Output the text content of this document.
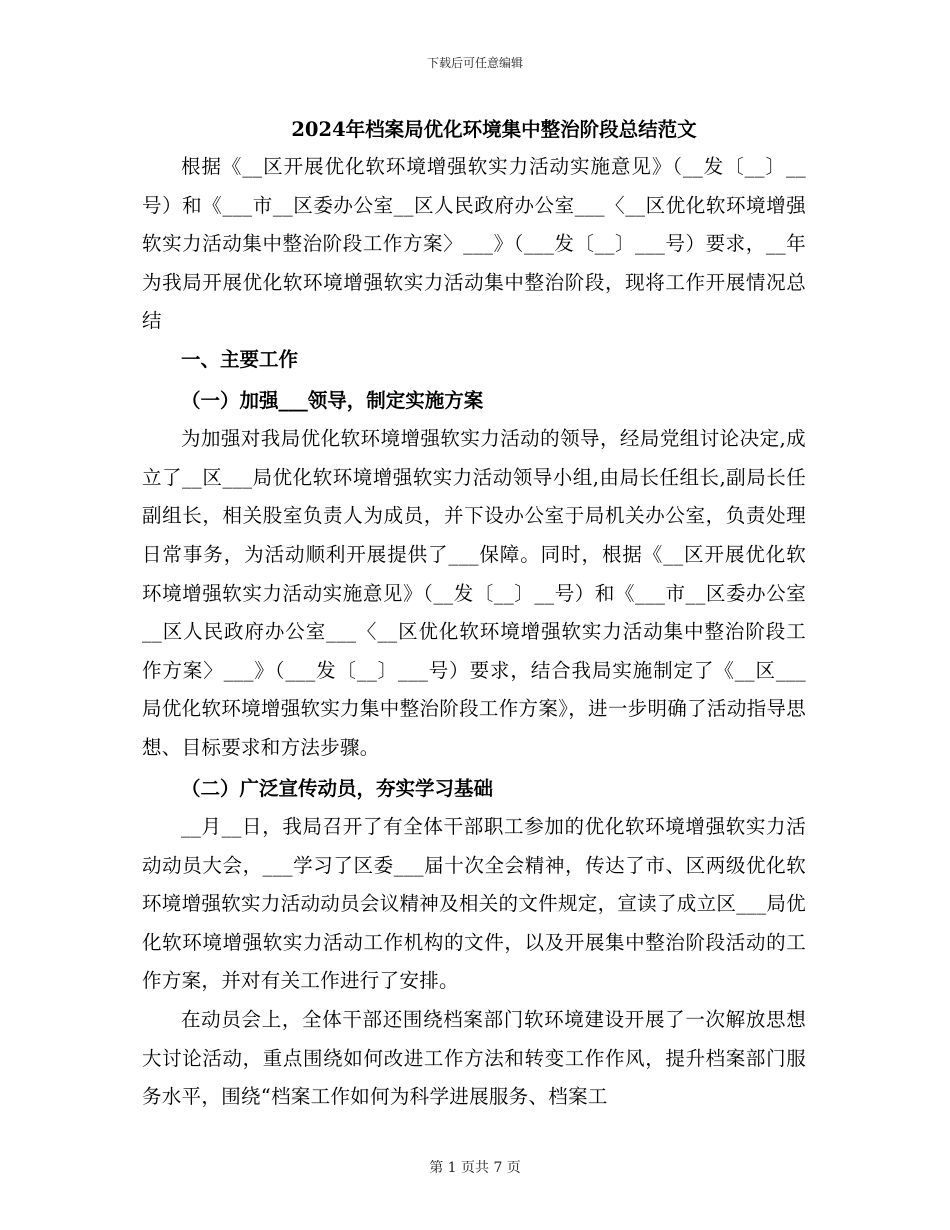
下载后可任意编辑
2024年档案局优化环境集中整治阶段总结范文

根据《__区开展优化软环境增强软实力活动实施意见》（__发〔__〕__号）和《___市__区委办公室__区人民政府办公室___〈__区优化软环境增强软实力活动集中整治阶段工作方案〉___》（___发〔__〕___号）要求，__年为我局开展优化软环境增强软实力活动集中整治阶段，现将工作开展情况总结

一、主要工作

（一）加强___领导，制定实施方案

为加强对我局优化软环境增强软实力活动的领导，经局党组讨论决定,成立了__区___局优化软环境增强软实力活动领导小组,由局长任组长,副局长任副组长，相关股室负责人为成员，并下设办公室于局机关办公室，负责处理日常事务，为活动顺利开展提供了___保障。同时，根据《__区开展优化软环境增强软实力活动实施意见》（__发〔__〕__号）和《___市__区委办公室__区人民政府办公室___〈__区优化软环境增强软实力活动集中整治阶段工作方案〉___》（___发〔__〕___号）要求，结合我局实施制定了《__区___局优化软环境增强软实力集中整治阶段工作方案》，进一步明确了活动指导思想、目标要求和方法步骤。

（二）广泛宣传动员，夯实学习基础

__月__日，我局召开了有全体干部职工参加的优化软环境增强软实力活动动员大会，___学习了区委___届十次全会精神，传达了市、区两级优化软环境增强软实力活动动员会议精神及相关的文件规定，宣读了成立区___局优化软环境增强软实力活动工作机构的文件，以及开展集中整治阶段活动的工作方案，并对有关工作进行了安排。

在动员会上，全体干部还围绕档案部门软环境建设开展了一次解放思想大讨论活动，重点围绕如何改进工作方法和转变工作作风，提升档案部门服务水平，围绕“档案工作如何为科学进展服务、档案工

第 1 页共 7 页
